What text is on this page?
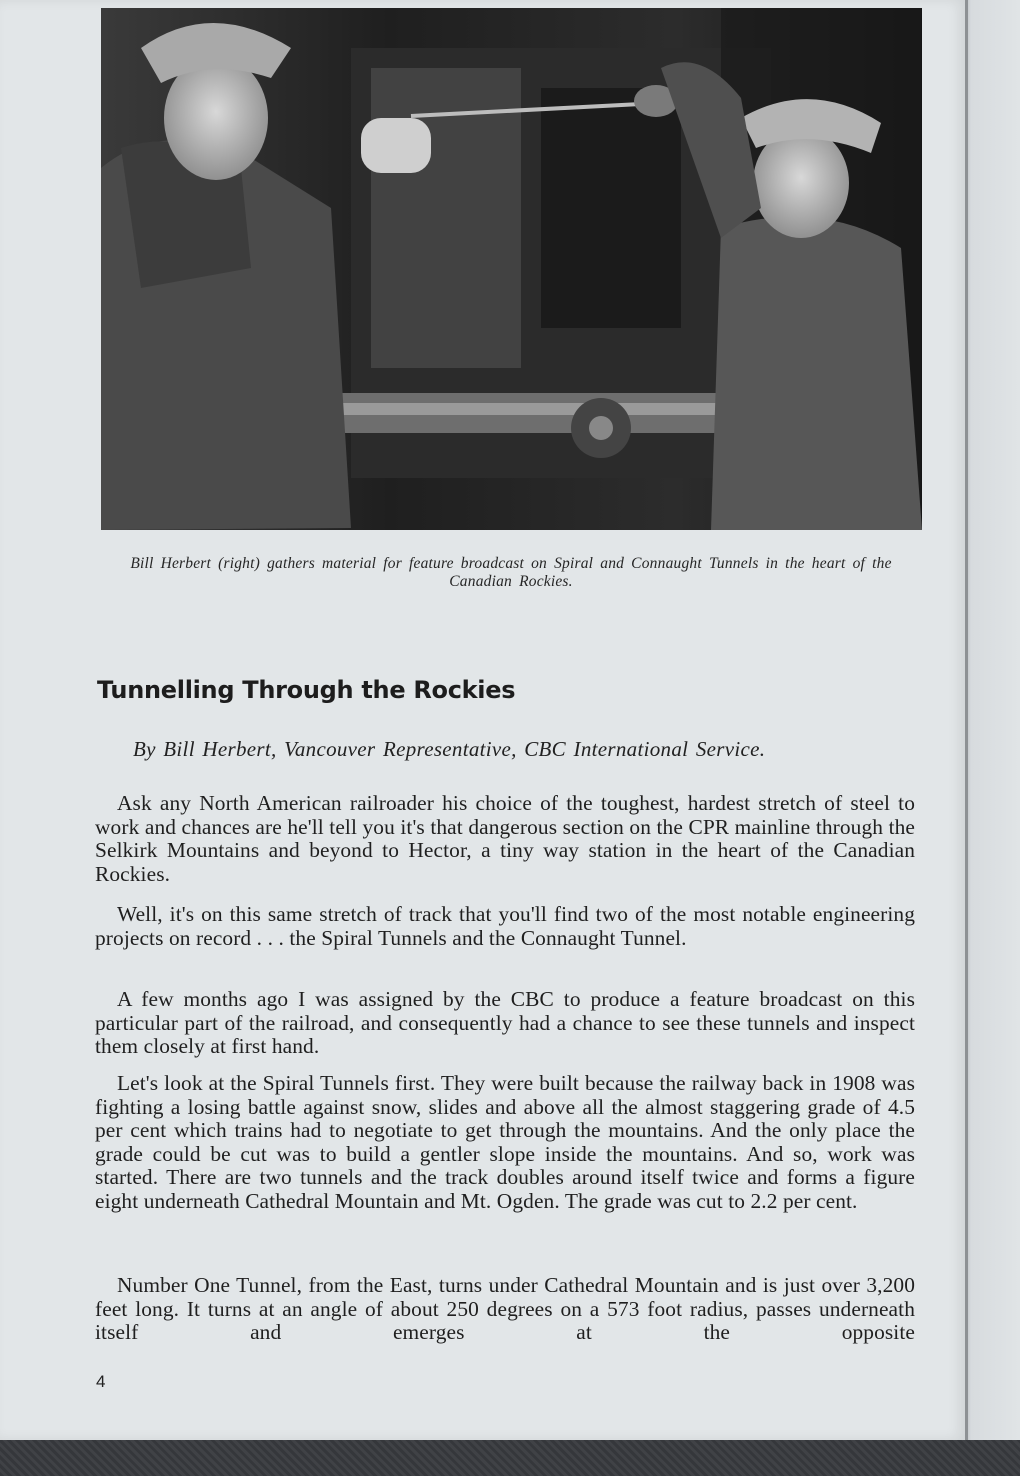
Bill Herbert (right) gathers material for feature broadcast on Spiral and Connaught Tunnels in the heart of the Canadian Rockies.
Tunnelling Through the Rockies
By Bill Herbert, Vancouver Representative, CBC International Service.

Ask any North American railroader his choice of the toughest, hardest stretch of steel to work and chances are he'll tell you it's that dangerous section on the CPR mainline through the Selkirk Mountains and beyond to Hector, a tiny way station in the heart of the Canadian Rockies.

Well, it's on this same stretch of track that you'll find two of the most notable engineering projects on record . . . the Spiral Tunnels and the Connaught Tunnel.

A few months ago I was assigned by the CBC to produce a feature broadcast on this particular part of the railroad, and consequently had a chance to see these tunnels and inspect them closely at first hand.

Let's look at the Spiral Tunnels first. They were built because the railway back in 1908 was fighting a losing battle against snow, slides and above all the almost staggering grade of 4.5 per cent which trains had to negotiate to get through the mountains. And the only place the grade could be cut was to build a gentler slope inside the mountains. And so, work was started. There are two tunnels and the track doubles around itself twice and forms a figure eight underneath Cathedral Mountain and Mt. Ogden. The grade was cut to 2.2 per cent.

Number One Tunnel, from the East, turns under Cathedral Mountain and is just over 3,200 feet long. It turns at an angle of about 250 degrees on a 573 foot radius, passes underneath itself and emerges at the opposite

4
